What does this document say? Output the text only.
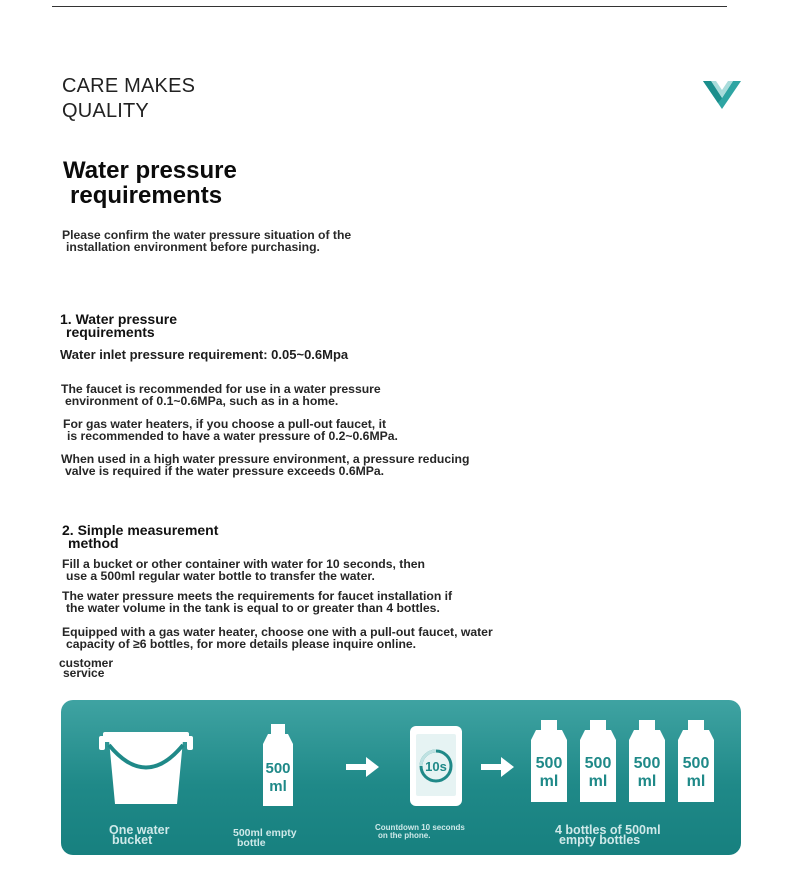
CARE MAKES
QUALITY
Water pressure
requirements
Please confirm the water pressure situation of the
installation environment before purchasing.
1. Water pressure
requirements
Water inlet pressure requirement: 0.05~0.6Mpa
The faucet is recommended for use in a water pressure
environment of 0.1~0.6MPa, such as in a home.
For gas water heaters, if you choose a pull-out faucet, it
is recommended to have a water pressure of 0.2~0.6MPa.
When used in a high water pressure environment, a pressure reducing
valve is required if the water pressure exceeds 0.6MPa.
2. Simple measurement
method
Fill a bucket or other container with water for 10 seconds, then
use a 500ml regular water bottle to transfer the water.
The water pressure meets the requirements for faucet installation if
the water volume in the tank is equal to or greater than 4 bottles.
Equipped with a gas water heater, choose one with a pull-out faucet, water
capacity of ≥6 bottles, for more details please inquire online.
customer
service
500
ml
10s	500
ml
500
ml
500
ml
500
ml
One water
bucket	500ml empty
bottle
Countdown 10 seconds
on the phone.	4 bottles of 500ml
empty bottles
